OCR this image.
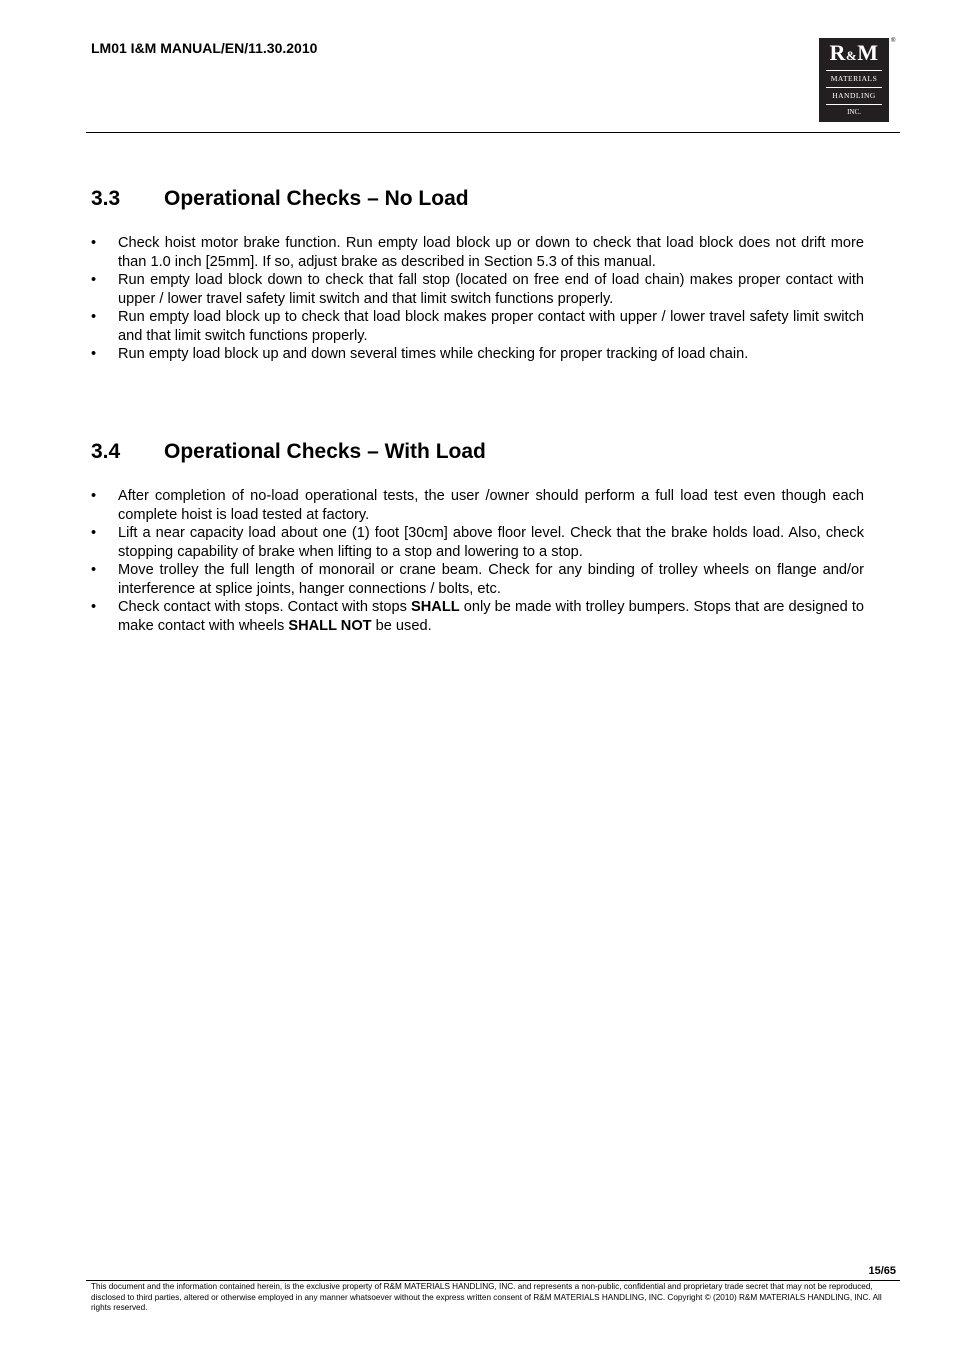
LM01 I&M MANUAL/EN/11.30.2010	R&M
MATERIALS
HANDLING
INC.
®
3.3 Operational Checks – No Load
• Check hoist motor brake function. Run empty load block up or down to check that load block does not drift more than 1.0 inch [25mm]. If so, adjust brake as described in Section 5.3 of this manual.
• Run empty load block down to check that fall stop (located on free end of load chain) makes proper contact with upper / lower travel safety limit switch and that limit switch functions properly.
• Run empty load block up to check that load block makes proper contact with upper / lower travel safety limit switch and that limit switch functions properly.
• Run empty load block up and down several times while checking for proper tracking of load chain.
3.4 Operational Checks – With Load
• After completion of no-load operational tests, the user /owner should perform a full load test even though each complete hoist is load tested at factory.
• Lift a near capacity load about one (1) foot [30cm] above floor level. Check that the brake holds load. Also, check stopping capability of brake when lifting to a stop and lowering to a stop.
• Move trolley the full length of monorail or crane beam. Check for any binding of trolley wheels on flange and/or interference at splice joints, hanger connections / bolts, etc.
• Check contact with stops. Contact with stops SHALL only be made with trolley bumpers. Stops that are designed to make contact with wheels SHALL NOT be used.
15/65
This document and the information contained herein, is the exclusive property of R&M MATERIALS HANDLING, INC. and represents a non-public, confidential and proprietary trade secret that may not be reproduced, disclosed to third parties, altered or otherwise employed in any manner whatsoever without the express written consent of R&M MATERIALS HANDLING, INC. Copyright © (2010) R&M MATERIALS HANDLING, INC. All rights reserved.
